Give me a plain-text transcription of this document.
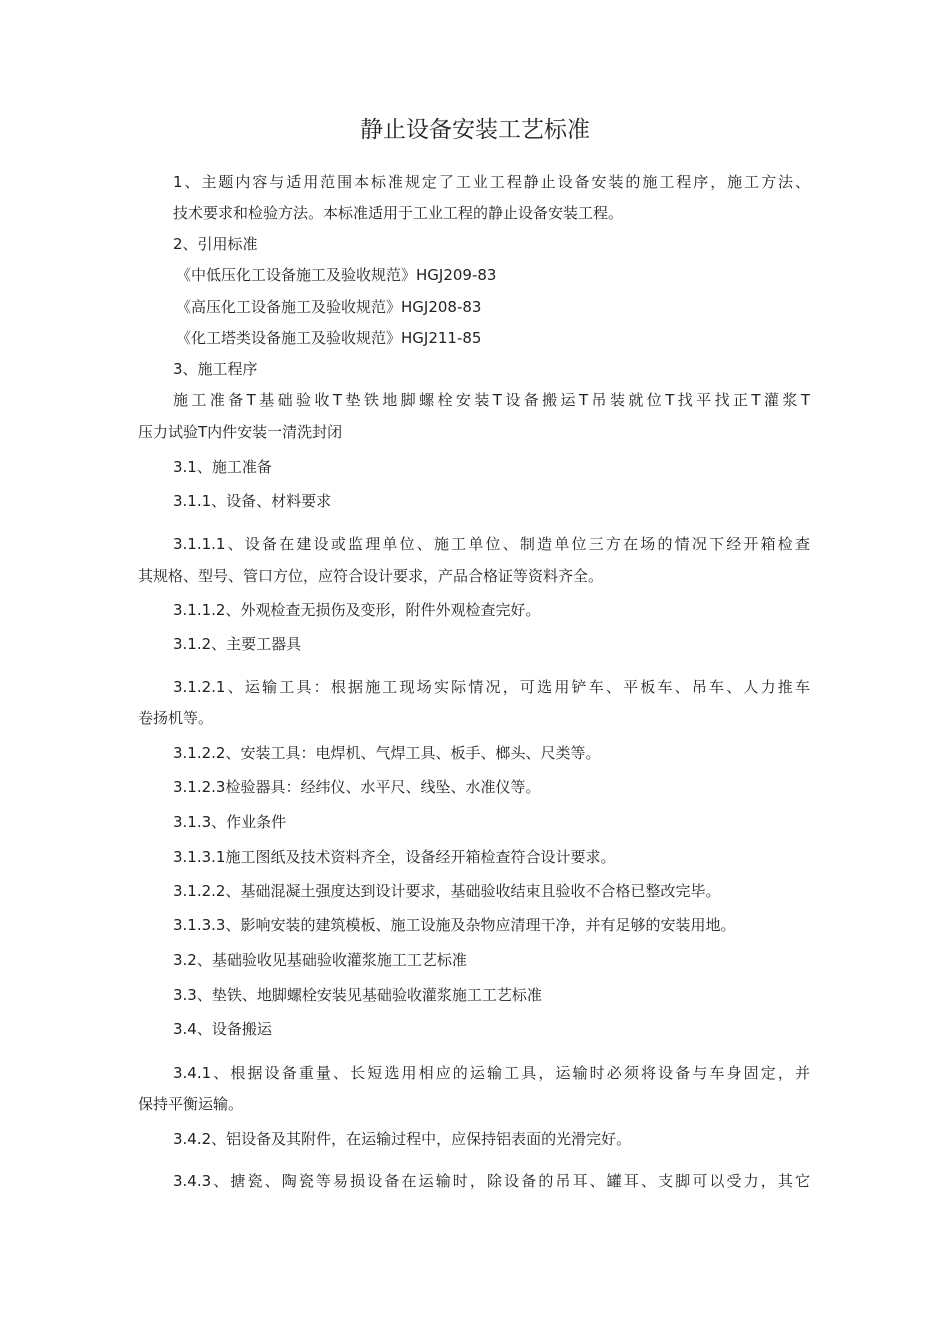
静止设备安装工艺标准
1、主题内容与适用范围本标准规定了工业工程静止设备安装的施工程序，施工方法、
技术要求和检验方法。本标准适用于工业工程的静止设备安装工程。
2、引用标准
《中低压化工设备施工及验收规范》HGJ209-83
《高压化工设备施工及验收规范》HGJ208-83
《化工塔类设备施工及验收规范》HGJ211-85
3、施工程序
施工准备T基础验收T垫铁地脚螺栓安装T设备搬运T吊装就位T找平找正T灌浆T
压力试验T内件安装一清洗封闭
3.1、施工准备
3.1.1、设备、材料要求
3.1.1.1、设备在建设或监理单位、施工单位、制造单位三方在场的情况下经开箱检查
其规格、型号、管口方位，应符合设计要求，产品合格证等资料齐全。
3.1.1.2、外观检查无损伤及变形，附件外观检查完好。
3.1.2、主要工器具
3.1.2.1、运输工具：根据施工现场实际情况，可选用铲车、平板车、吊车、人力推车
卷扬机等。
3.1.2.2、安装工具：电焊机、气焊工具、板手、榔头、尺类等。
3.1.2.3检验器具：经纬仪、水平尺、线坠、水准仪等。
3.1.3、作业条件
3.1.3.1施工图纸及技术资料齐全，设备经开箱检查符合设计要求。
3.1.2.2、基础混凝土强度达到设计要求，基础验收结束且验收不合格已整改完毕。
3.1.3.3、影响安装的建筑模板、施工设施及杂物应清理干净，并有足够的安装用地。
3.2、基础验收见基础验收灌浆施工工艺标准
3.3、垫铁、地脚螺栓安装见基础验收灌浆施工工艺标准
3.4、设备搬运
3.4.1、根据设备重量、长短选用相应的运输工具，运输时必须将设备与车身固定，并
保持平衡运输。
3.4.2、铝设备及其附件，在运输过程中，应保持铝表面的光滑完好。
3.4.3、搪瓷、陶瓷等易损设备在运输时，除设备的吊耳、罐耳、支脚可以受力，其它
